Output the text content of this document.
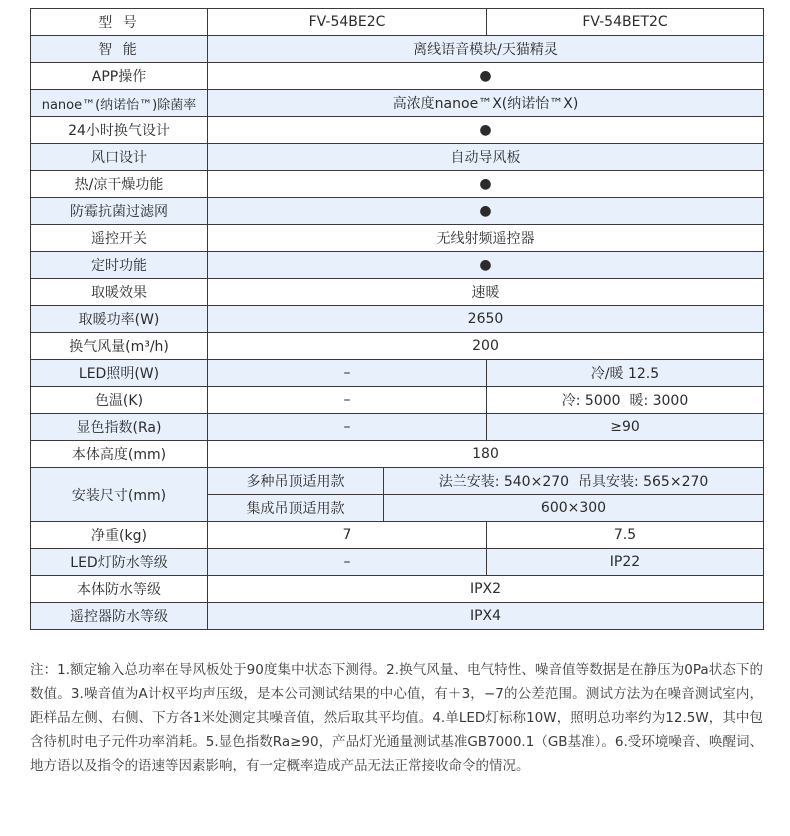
型 号	FV-54BE2C		FV-54BET2C
智 能	离线语音模块/天猫精灵		
APP操作	●		
nanoe™(纳诺怡™)除菌率	高浓度nanoe™X(纳诺怡™X)		
24小时换气设计	●		
风口设计	自动导风板		
热/凉干燥功能	●		
防霉抗菌过滤网	●		
遥控开关	无线射频遥控器		
定时功能	●		
取暖效果	速暖		
取暖功率(W)	2650		
换气风量(m³/h)	200		
LED照明(W)	–		冷/暖 12.5
色温(K)	–		冷: 5000  暖: 3000
显色指数(Ra)	–		≥90
本体高度(mm)	180		
安装尺寸(mm)	多种吊顶适用款	法兰安装: 540×270  吊具安装: 565×270	
	集成吊顶适用款	600×300	
净重(kg)	7		7.5
LED灯防水等级	–		IP22
本体防水等级	IPX2		
遥控器防水等级	IPX4		
注：1.额定输入总功率在导风板处于90度集中状态下测得。2.换气风量、电气特性、噪音值等数据是在静压为0Pa状态下的数值。3.噪音值为A计权平均声压级，是本公司测试结果的中心值，有＋3，−7的公差范围。测试方法为在噪音测试室内，距样品左侧、右侧、下方各1米处测定其噪音值，然后取其平均值。4.单LED灯标称10W，照明总功率约为12.5W，其中包含待机时电子元件功率消耗。5.显色指数Ra≥90，产品灯光通量测试基准GB7000.1（GB基准）。6.受环境噪音、唤醒词、地方语以及指令的语速等因素影响，有一定概率造成产品无法正常接收命令的情况。
